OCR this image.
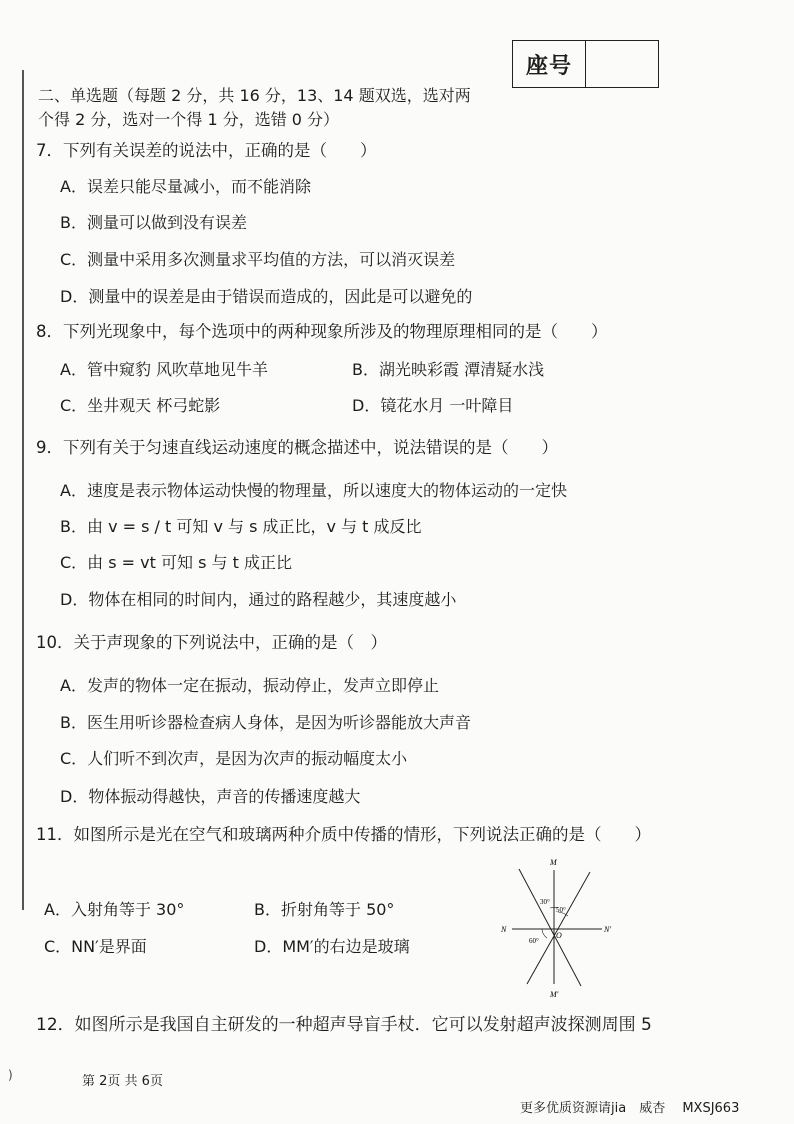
座号
二、单选题（每题 2 分，共 16 分，13、14 题双选，选对两
个得 2 分，选对一个得 1 分，选错 0 分）
7．下列有关误差的说法中，正确的是（　　）
A．误差只能尽量减小，而不能消除
B．测量可以做到没有误差
C．测量中采用多次测量求平均值的方法，可以消灭误差
D．测量中的误差是由于错误而造成的，因此是可以避免的
8．下列光现象中，每个选项中的两种现象所涉及的物理原理相同的是（　　）
A．管中窥豹 风吹草地见牛羊	B．湖光映彩霞 潭清疑水浅
C．坐井观天 杯弓蛇影	D．镜花水月 一叶障目
9．下列有关于匀速直线运动速度的概念描述中，说法错误的是（　　）
A．速度是表示物体运动快慢的物理量，所以速度大的物体运动的一定快
B．由 v = s / t 可知 v 与 s 成正比，v 与 t 成反比
C．由 s = vt 可知 s 与 t 成正比
D．物体在相同的时间内，通过的路程越少，其速度越小
10．关于声现象的下列说法中，正确的是（　）
A．发声的物体一定在振动，振动停止，发声立即停止
B．医生用听诊器检查病人身体，是因为听诊器能放大声音
C．人们听不到次声，是因为次声的振动幅度太小
D．物体振动得越快，声音的传播速度越大
11．如图所示是光在空气和玻璃两种介质中传播的情形，下列说法正确的是（　　）
A．入射角等于 30°	B．折射角等于 50°
C．NN′是界面	D．MM′的右边是玻璃
M
M′
N	N′
O
30°
50°
60°
12．如图所示是我国自主研发的一种超声导盲手杖．它可以发射超声波探测周围 5
)	第 2页 共 6页
更多优质资源请jia　威杏　 MXSJ663
